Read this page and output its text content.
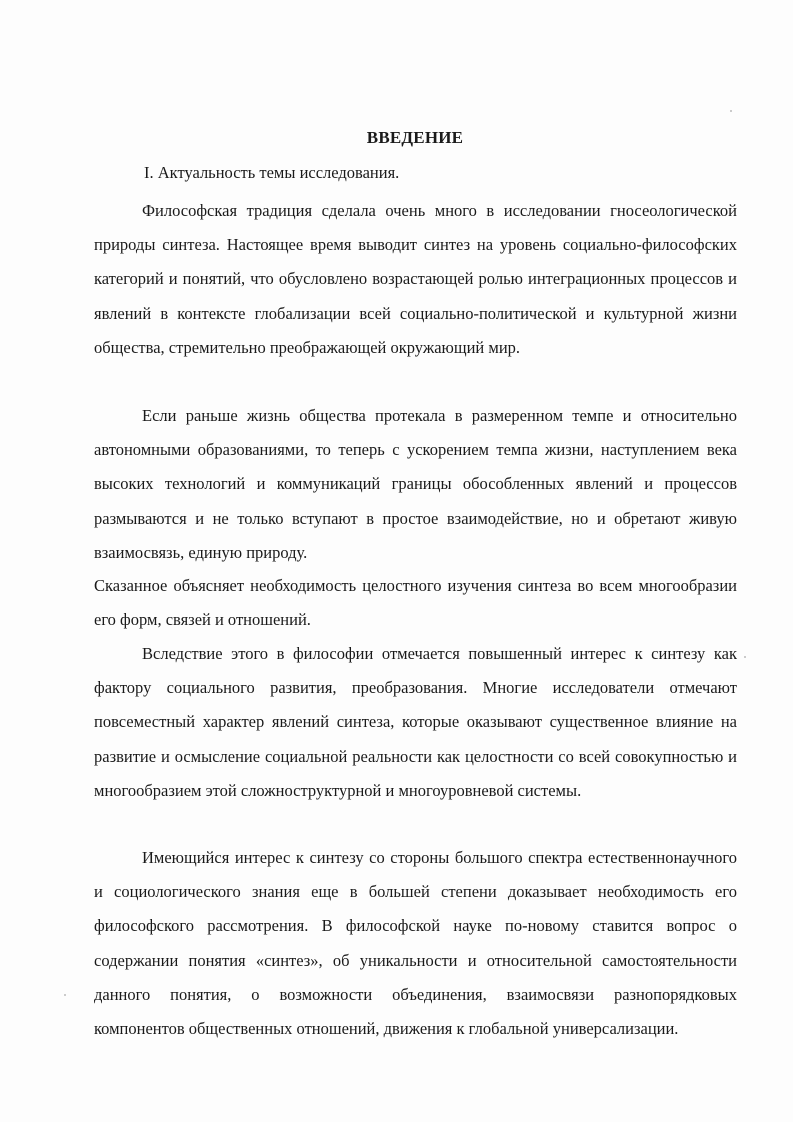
ВВЕДЕНИЕ
I. Актуальность темы исследования.

Философская традиция сделала очень много в исследовании гносеологической природы синтеза. Настоящее время выводит синтез на уровень социально-философских категорий и понятий, что обусловлено возрастающей ролью интеграционных процессов и явлений в контексте глобализации всей социально-политической и культурной жизни общества, стремительно преображающей окружающий мир.

Если раньше жизнь общества протекала в размеренном темпе и относительно автономными образованиями, то теперь с ускорением темпа жизни, наступлением века высоких технологий и коммуникаций границы обособленных явлений и процессов размываются и не только вступают в простое взаимодействие, но и обретают живую взаимосвязь, единую природу.

Сказанное объясняет необходимость целостного изучения синтеза во всем многообразии его форм, связей и отношений.

Вследствие этого в философии отмечается повышенный интерес к синтезу как фактору социального развития, преобразования. Многие исследователи отмечают повсеместный характер явлений синтеза, которые оказывают существенное влияние на развитие и осмысление социальной реальности как целостности со всей совокупностью и многообразием этой сложноструктурной и многоуровневой системы.

Имеющийся интерес к синтезу со стороны большого спектра естественнонаучного и социологического знания еще в большей степени доказывает необходимость его философского рассмотрения. В философской науке по-новому ставится вопрос о содержании понятия «синтез», об уникальности и относительной самостоятельности данного понятия, о возможности объединения, взаимосвязи разнопорядковых компонентов общественных отношений, движения к глобальной универсализации.
